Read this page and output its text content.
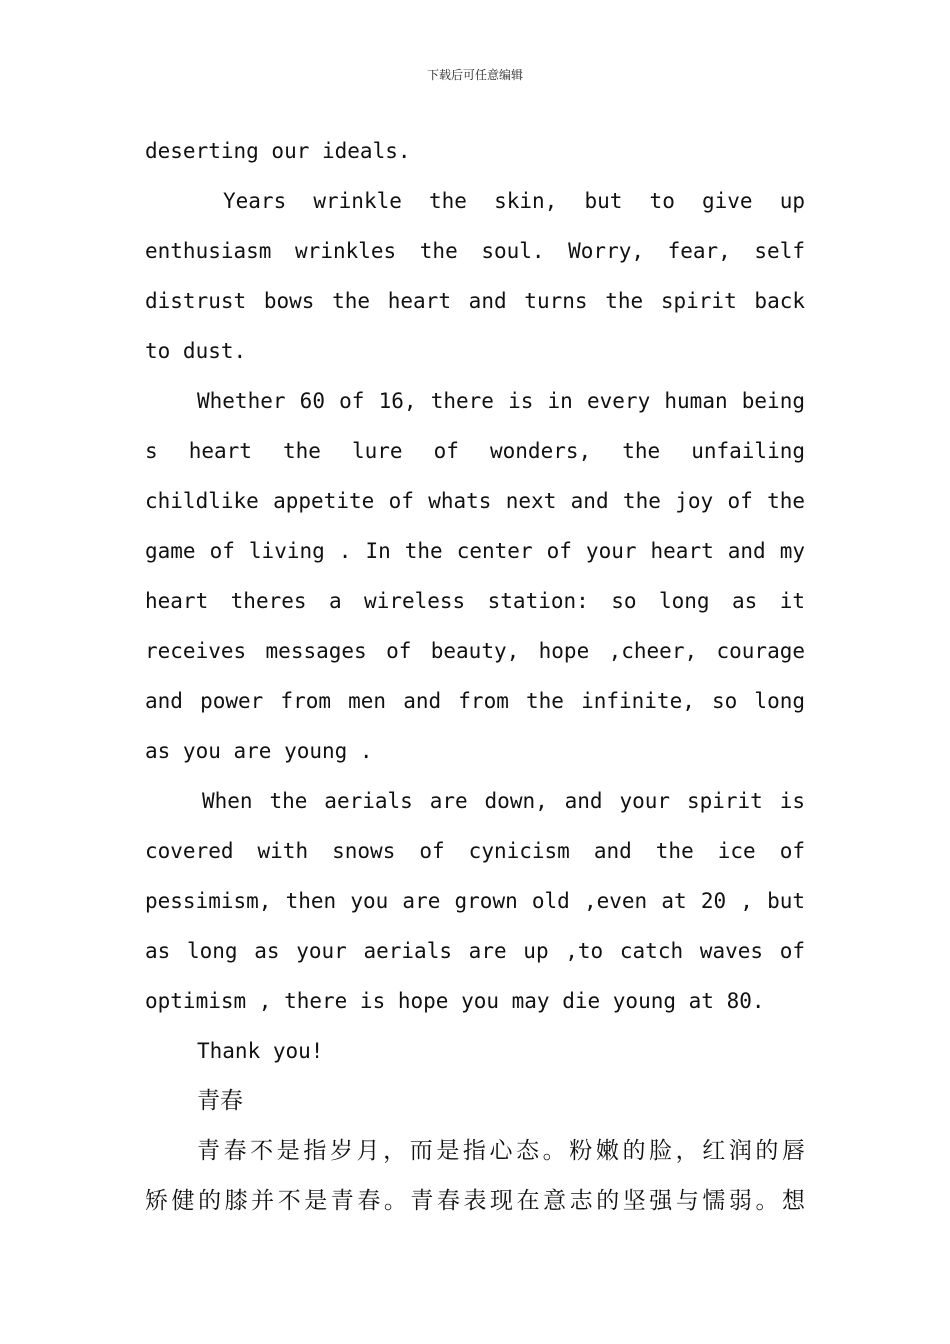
下载后可任意编辑
deserting our ideals.
Years wrinkle the skin, but to give up
enthusiasm wrinkles the soul. Worry, fear, self
distrust bows the heart and turns the spirit back
to dust.
Whether 60 of 16, there is in every human being
s heart the lure of wonders, the unfailing
childlike appetite of whats next and the joy of the
game of living . In the center of your heart and my
heart theres a wireless station: so long as it
receives messages of beauty, hope ,cheer, courage
and power from men and from the infinite, so long
as you are young .
When the aerials are down, and your spirit is
covered with snows of cynicism and the ice of
pessimism, then you are grown old ,even at 20 , but
as long as your aerials are up ,to catch waves of
optimism , there is hope you may die young at 80.
Thank you!
青春
青春不是指岁月，而是指心态。粉嫩的脸，红润的唇
矫健的膝并不是青春。青春表现在意志的坚强与懦弱。想
